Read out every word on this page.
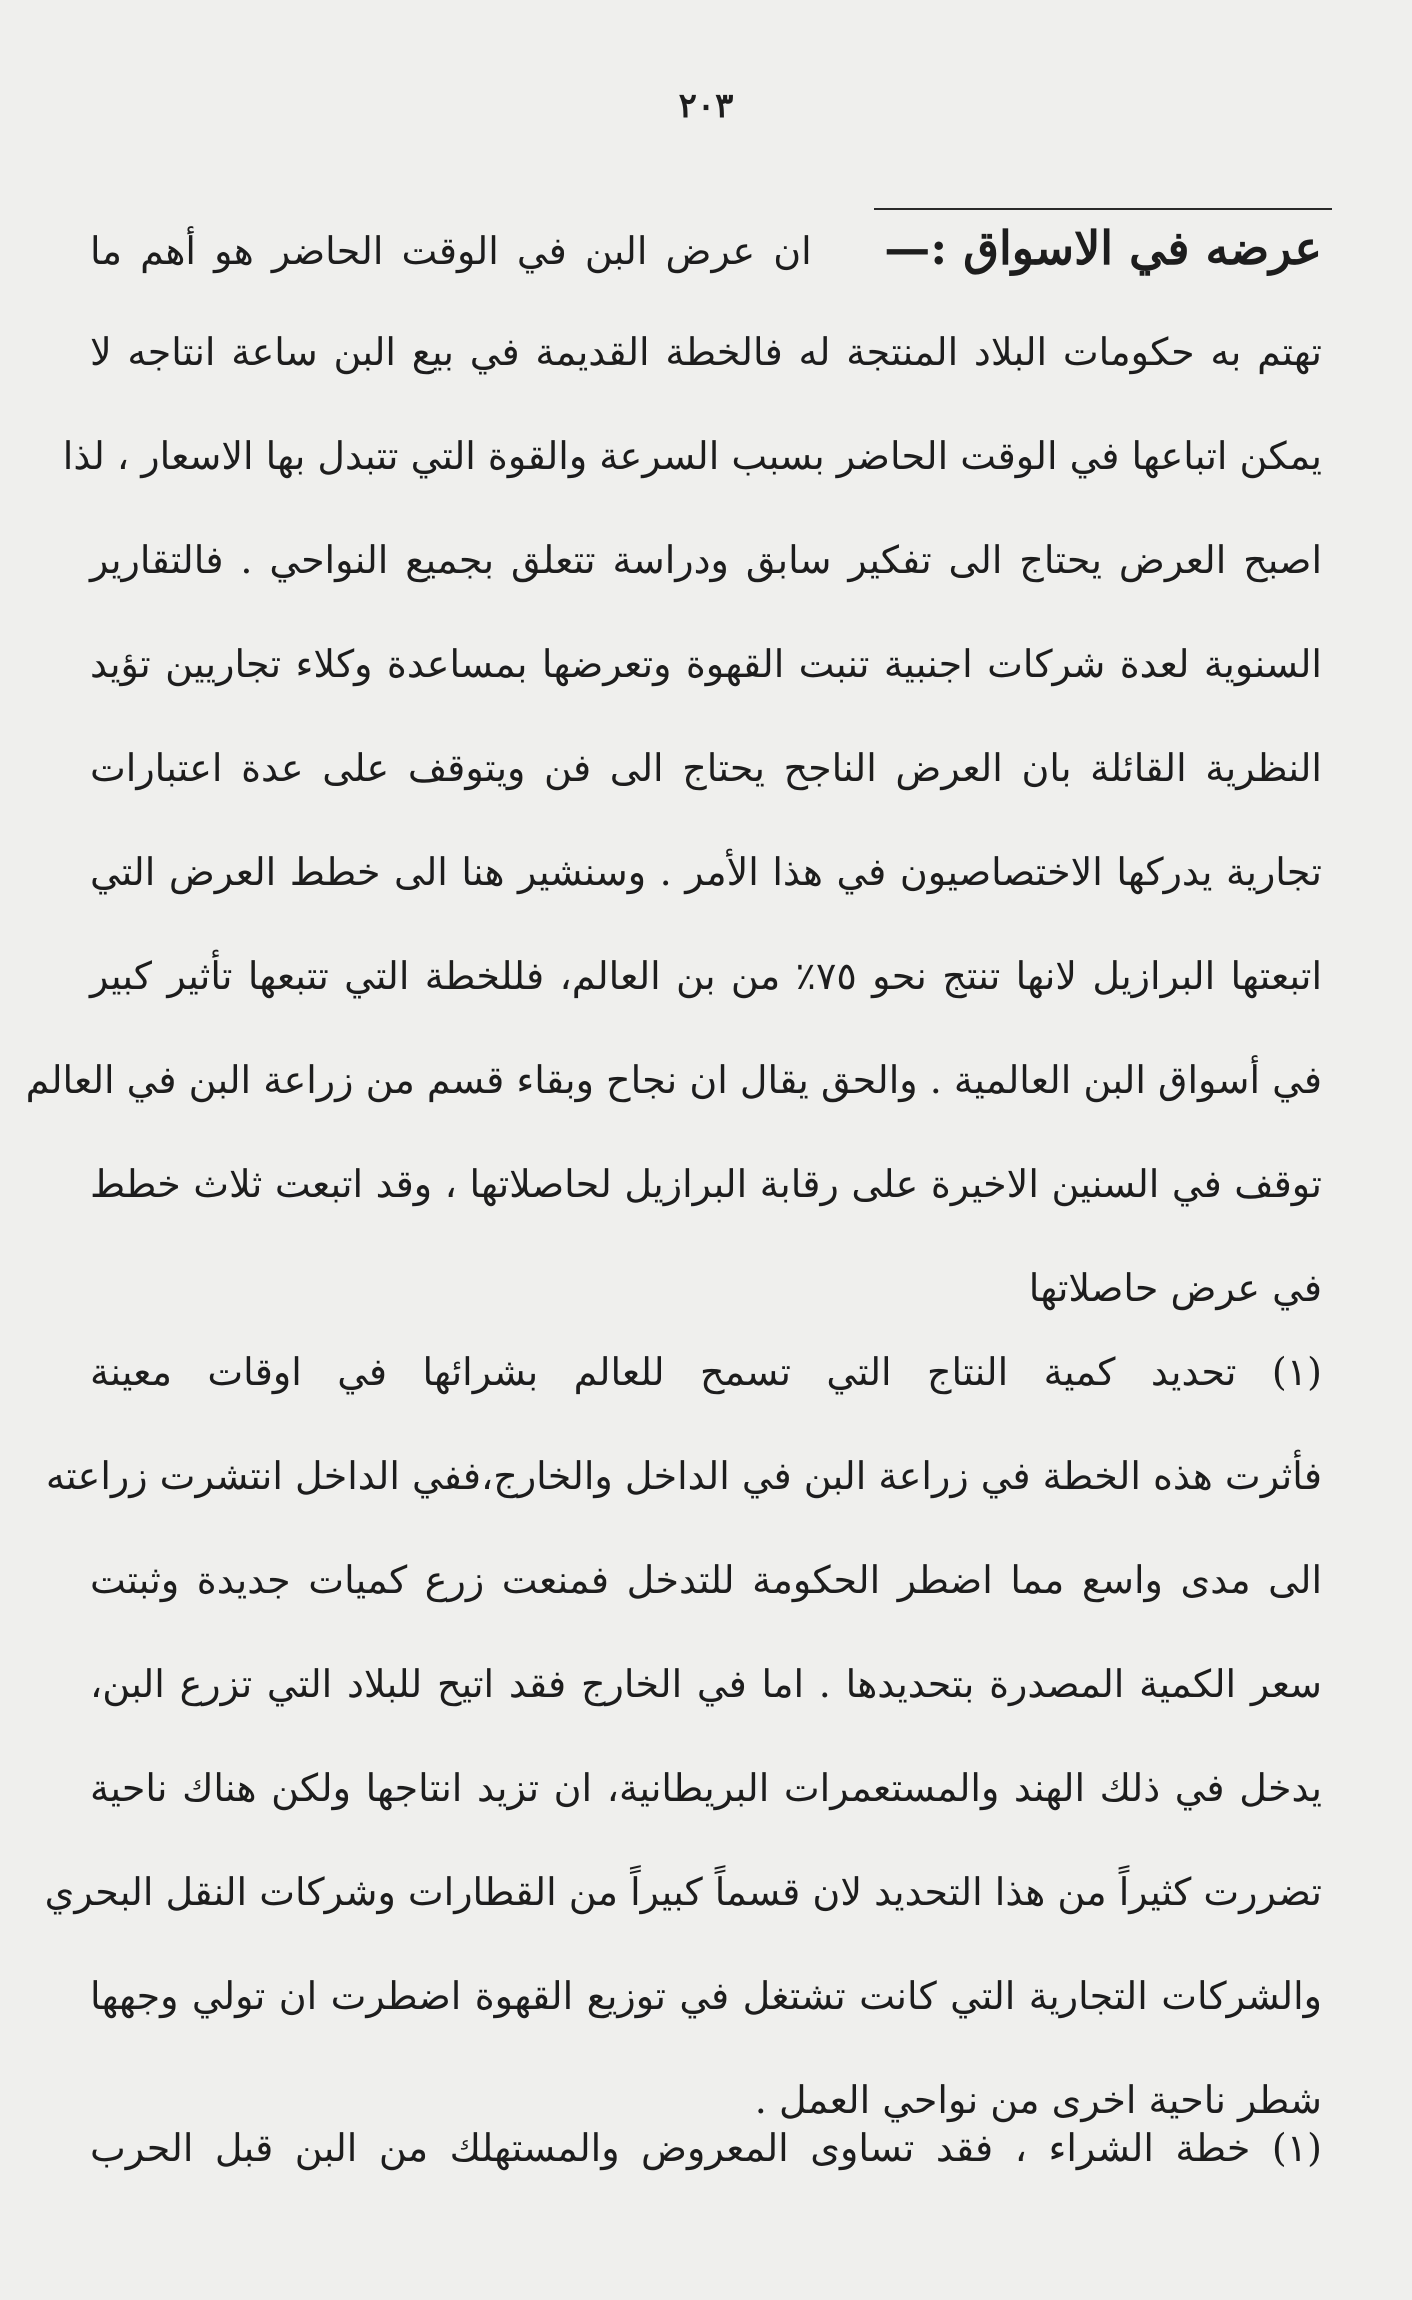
٢٠٣
عرضه في الاسواق :—    ان عرض البن في الوقت الحاضر هو أهم ما
تهتم به حكومات البلاد المنتجة له فالخطة القديمة في بيع البن ساعة انتاجه لا
يمكن اتباعها في الوقت الحاضر بسبب السرعة والقوة التي تتبدل بها الاسعار ، لذا
اصبح العرض يحتاج الى تفكير سابق ودراسة تتعلق بجميع النواحي . فالتقارير
السنوية لعدة شركات اجنبية تنبت القهوة وتعرضها بمساعدة وكلاء تجاريين تؤيد
النظرية القائلة بان العرض الناجح يحتاج الى فن ويتوقف على عدة اعتبارات
تجارية يدركها الاختصاصيون في هذا الأمر . وسنشير هنا الى خطط العرض التي
اتبعتها البرازيل لانها تنتج نحو ٧٥٪ من بن العالم، فللخطة التي تتبعها تأثير كبير
في أسواق البن العالمية . والحق يقال ان نجاح وبقاء قسم من زراعة البن في العالم
توقف في السنين الاخيرة على رقابة البرازيل لحاصلاتها ، وقد اتبعت ثلاث خطط
في عرض حاصلاتها
(١) تحديد كمية النتاج التي تسمح للعالم بشرائها في اوقات معينة
فأثرت هذه الخطة في زراعة البن في الداخل والخارج،ففي الداخل انتشرت زراعته
الى مدى واسع مما اضطر الحكومة للتدخل فمنعت زرع كميات جديدة وثبتت
سعر الكمية المصدرة بتحديدها . اما في الخارج فقد اتيح للبلاد التي تزرع البن،
يدخل في ذلك الهند والمستعمرات البريطانية، ان تزيد انتاجها ولكن هناك ناحية
تضررت كثيراً من هذا التحديد لان قسماً كبيراً من القطارات وشركات النقل البحري
والشركات التجارية التي كانت تشتغل في توزيع القهوة اضطرت ان تولي وجهها
شطر ناحية اخرى من نواحي العمل .
(١) خطة الشراء ، فقد تساوى المعروض والمستهلك من البن قبل الحرب
